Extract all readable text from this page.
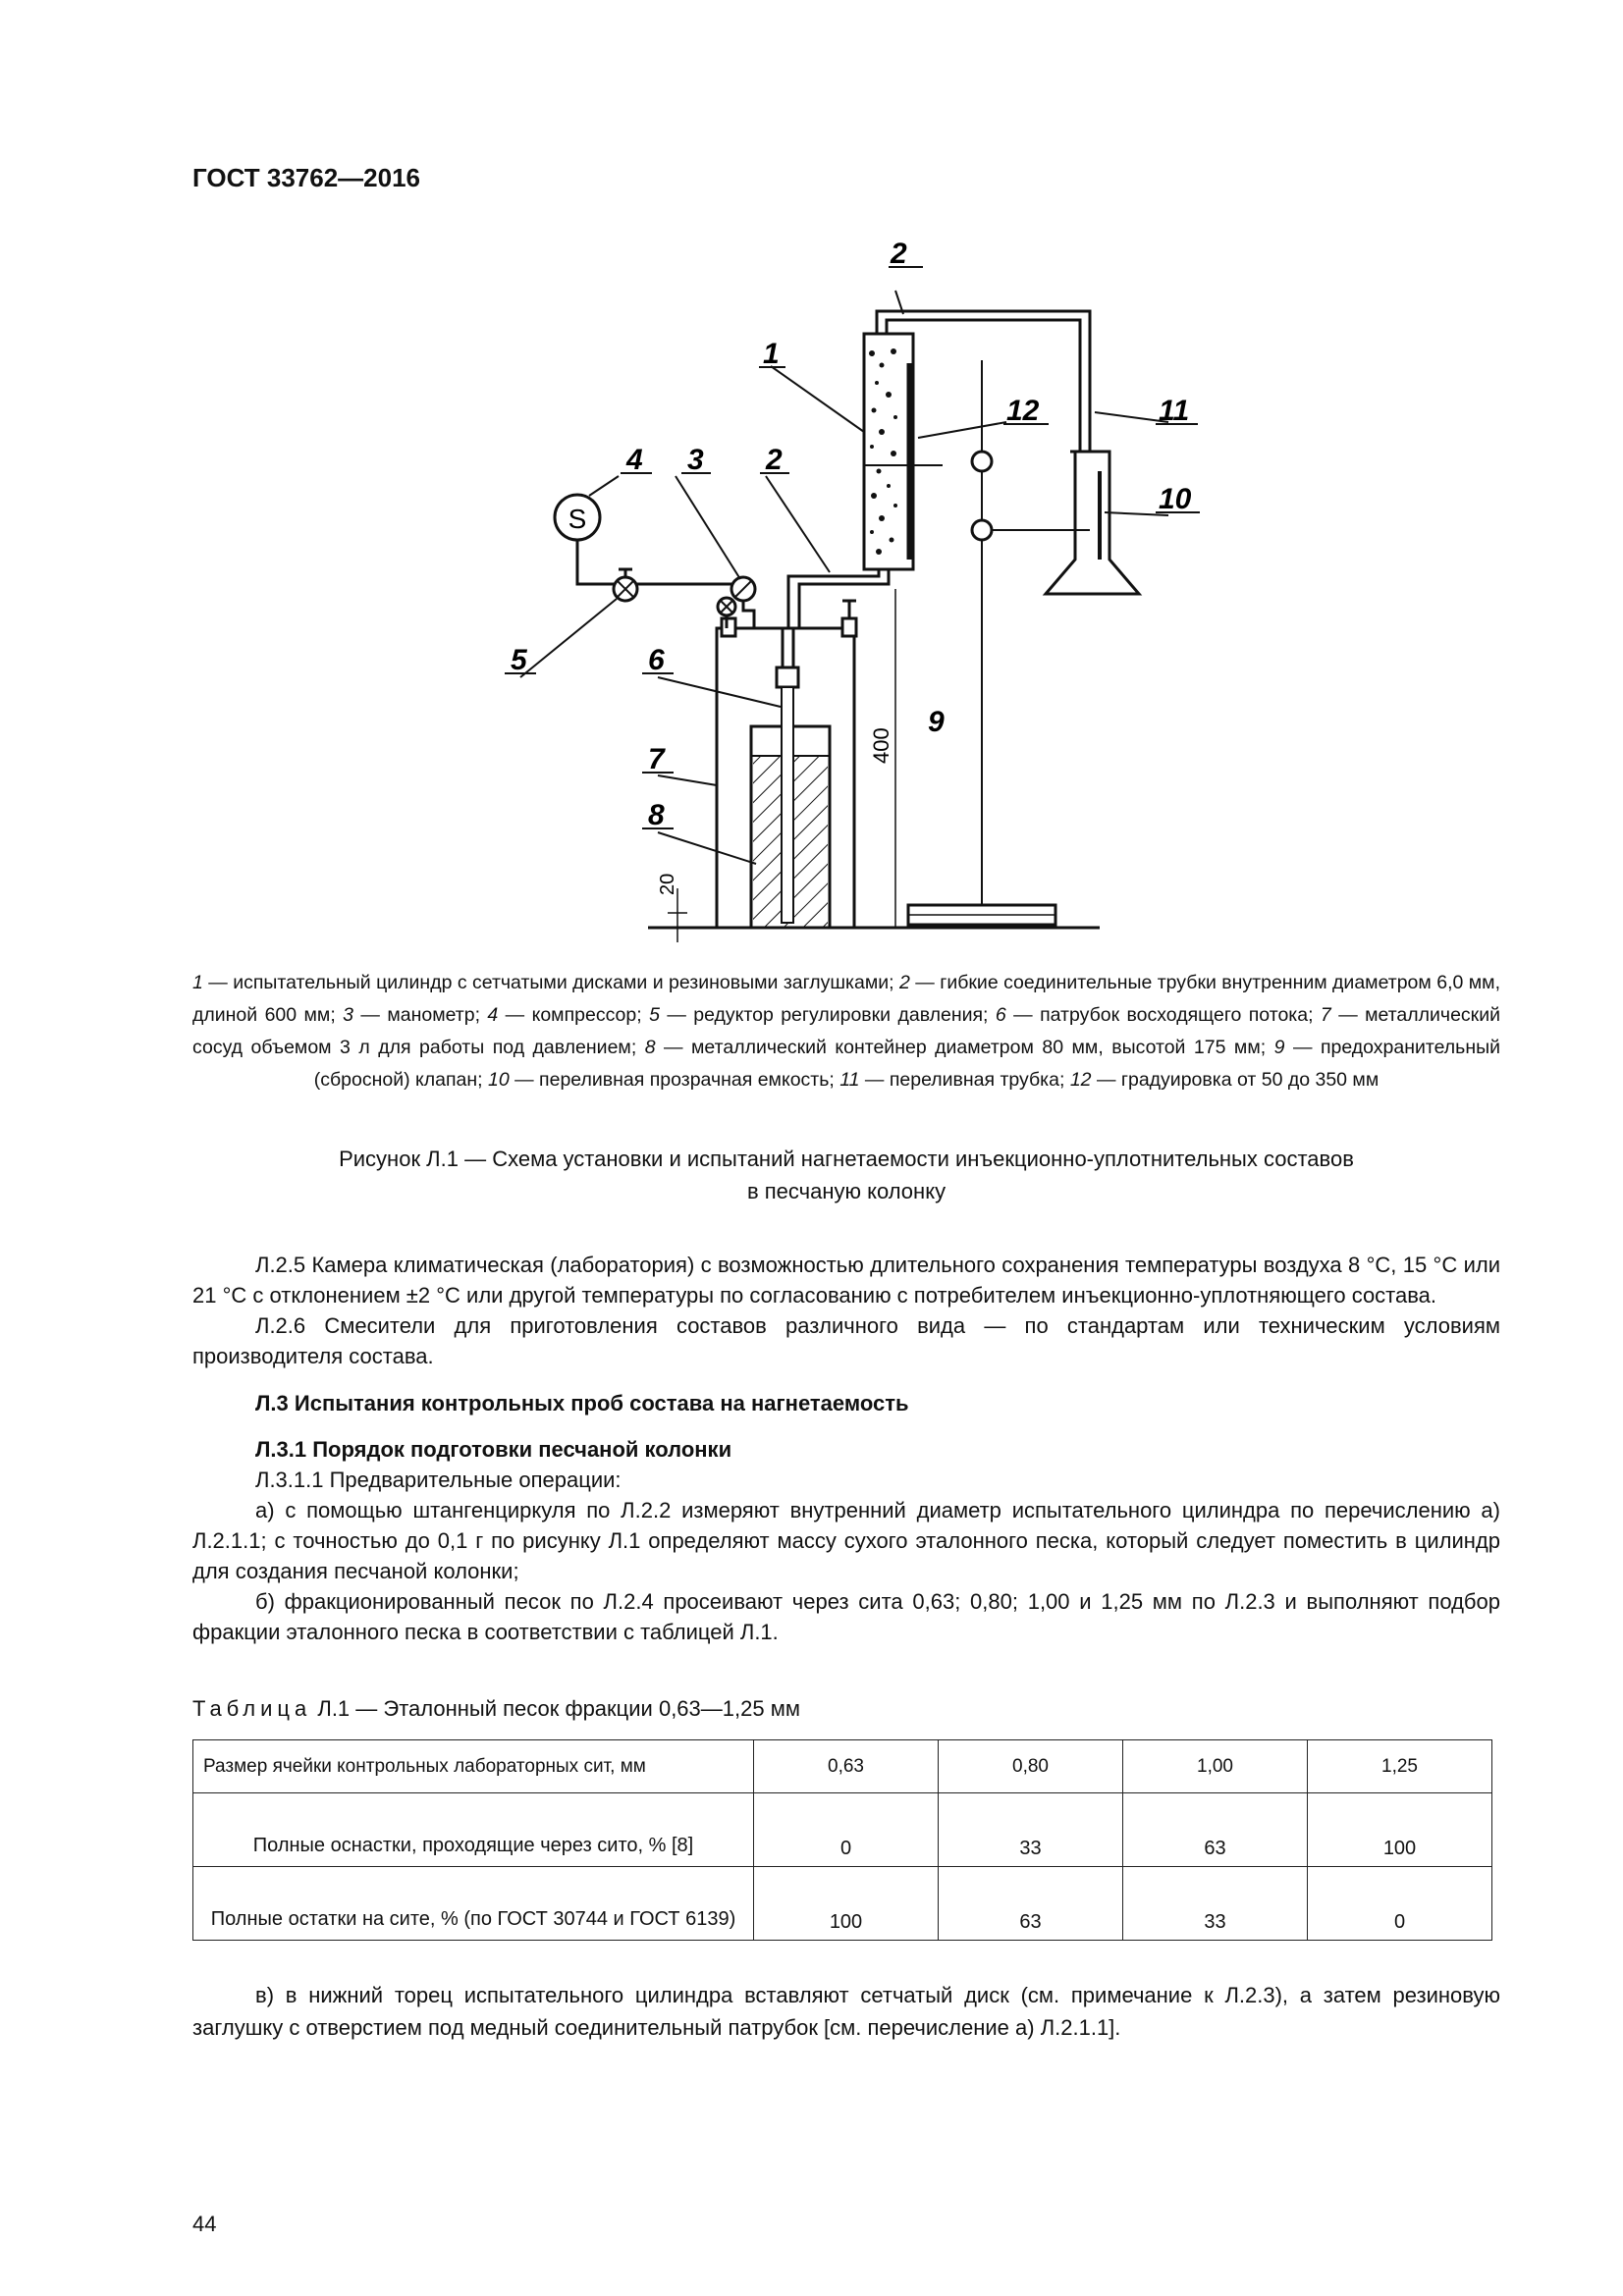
ГОСТ 33762—2016
S
2
1
12	11
10
4 3 2
5	6
7
8
9
400
20
1 — испытательный цилиндр с сетчатыми дисками и резиновыми заглушками; 2 — гибкие соединительные трубки внутренним диаметром 6,0 мм, длиной 600 мм; 3 — манометр; 4 — компрессор; 5 — редуктор регулировки давления; 6 — патрубок восходящего потока; 7 — металлический сосуд объемом 3 л для работы под давлением; 8 — металлический контейнер диаметром 80 мм, высотой 175 мм; 9 — предохранительный (сбросной) клапан; 10 — переливная прозрачная емкость; 11 — переливная трубка; 12 — градуировка от 50 до 350 мм
Рисунок Л.1 — Схема установки и испытаний нагнетаемости инъекционно-уплотнительных составов
в песчаную колонку

Л.2.5 Камера климатическая (лаборатория) с возможностью длительного сохранения температуры воздуха 8 °С, 15 °С или 21 °С с отклонением ±2 °С или другой температуры по согласованию с потребителем инъекционно-уплотняющего состава.

Л.2.6 Смесители для приготовления составов различного вида — по стандартам или техническим условиям производителя состава.

Л.3 Испытания контрольных проб состава на нагнетаемость

Л.3.1 Порядок подготовки песчаной колонки

Л.3.1.1 Предварительные операции:

а) с помощью штангенциркуля по Л.2.2 измеряют внутренний диаметр испытательного цилиндра по перечислению а) Л.2.1.1; с точностью до 0,1 г по рисунку Л.1 определяют массу сухого эталонного песка, который следует поместить в цилиндр для создания песчаной колонки;

б) фракционированный песок по Л.2.4 просеивают через сита 0,63; 0,80; 1,00 и 1,25 мм по Л.2.3 и выполняют подбор фракции эталонного песка в соответствии с таблицей Л.1.

Таблица Л.1 — Эталонный песок фракции 0,63—1,25 мм
Размер ячейки контрольных лабораторных сит, мм	0,63	0,80	1,00	1,25
Полные оснастки, проходящие через сито, % [8]	0	33	63	100
Полные остатки на сите, % (по ГОСТ 30744 и ГОСТ 6139)	100	63	33	0

в) в нижний торец испытательного цилиндра вставляют сетчатый диск (см. примечание к Л.2.3), а затем резиновую заглушку с отверстием под медный соединительный патрубок [см. перечисление а) Л.2.1.1].

44
